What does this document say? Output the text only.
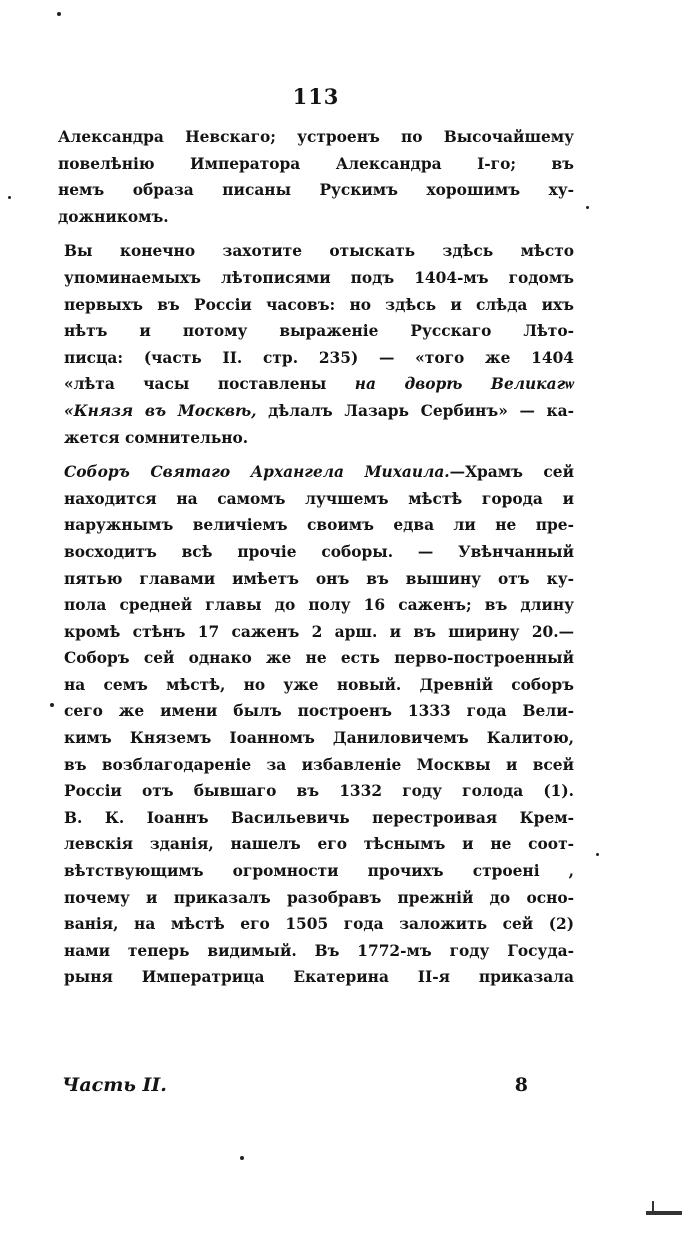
113

Александра Невскаго; устроенъ по Высочайшему
повелѣнію Императора Александра I-го; въ
немъ образа писаны Рускимъ хорошимъ ху-
дожникомъ.

Вы конечно захотите отыскать здѣсь мѣсто
упоминаемыхъ лѣтописями подъ 1404-мъ годомъ
первыхъ въ Россіи часовъ: но здѣсь и слѣда ихъ
нѣтъ и потому выраженіе Русскаго Лѣто-
писца: (часть II. стр. 235) — «того же 1404
«лѣта часы поставлены на дворѣ Великагѡ
«Князя въ Москвѣ, дѣлалъ Лазарь Сербинъ» — ка-
жется сомнительно.

Соборъ Святаго Архангела Михаила.—Храмъ сей
находится на самомъ лучшемъ мѣстѣ города и
наружнымъ величіемъ своимъ едва ли не пре-
восходитъ всѣ прочіе соборы. — Увѣнчанный
пятью главами имѣетъ онъ въ вышину отъ ку-
пола средней главы до полу 16 саженъ; въ длину
кромѣ стѣнъ 17 саженъ 2 арш. и въ ширину 20.—
Соборъ сей однако же не есть перво-построенный
на семъ мѣстѣ, но уже новый. Древній соборъ
сего же имени былъ построенъ 1333 года Вели-
кимъ Княземъ Іоанномъ Даниловичемъ Калитою,
въ возблагодареніе за избавленіе Москвы и всей
Россіи отъ бывшаго въ 1332 году голода (1).
В. К. Іоаннъ Васильевичь перестроивая Крем-
левскія зданія, нашелъ его тѣснымъ и не соот-
вѣтствующимъ огромности прочихъ строені ,
почему и приказалъ разобравъ прежній до осно-
ванія, на мѣстѣ его 1505 года заложить сей (2)
нами теперь видимый. Въ 1772-мъ году Госуда-
рыня Императрица Екатерина II-я приказала

Часть II.	8
